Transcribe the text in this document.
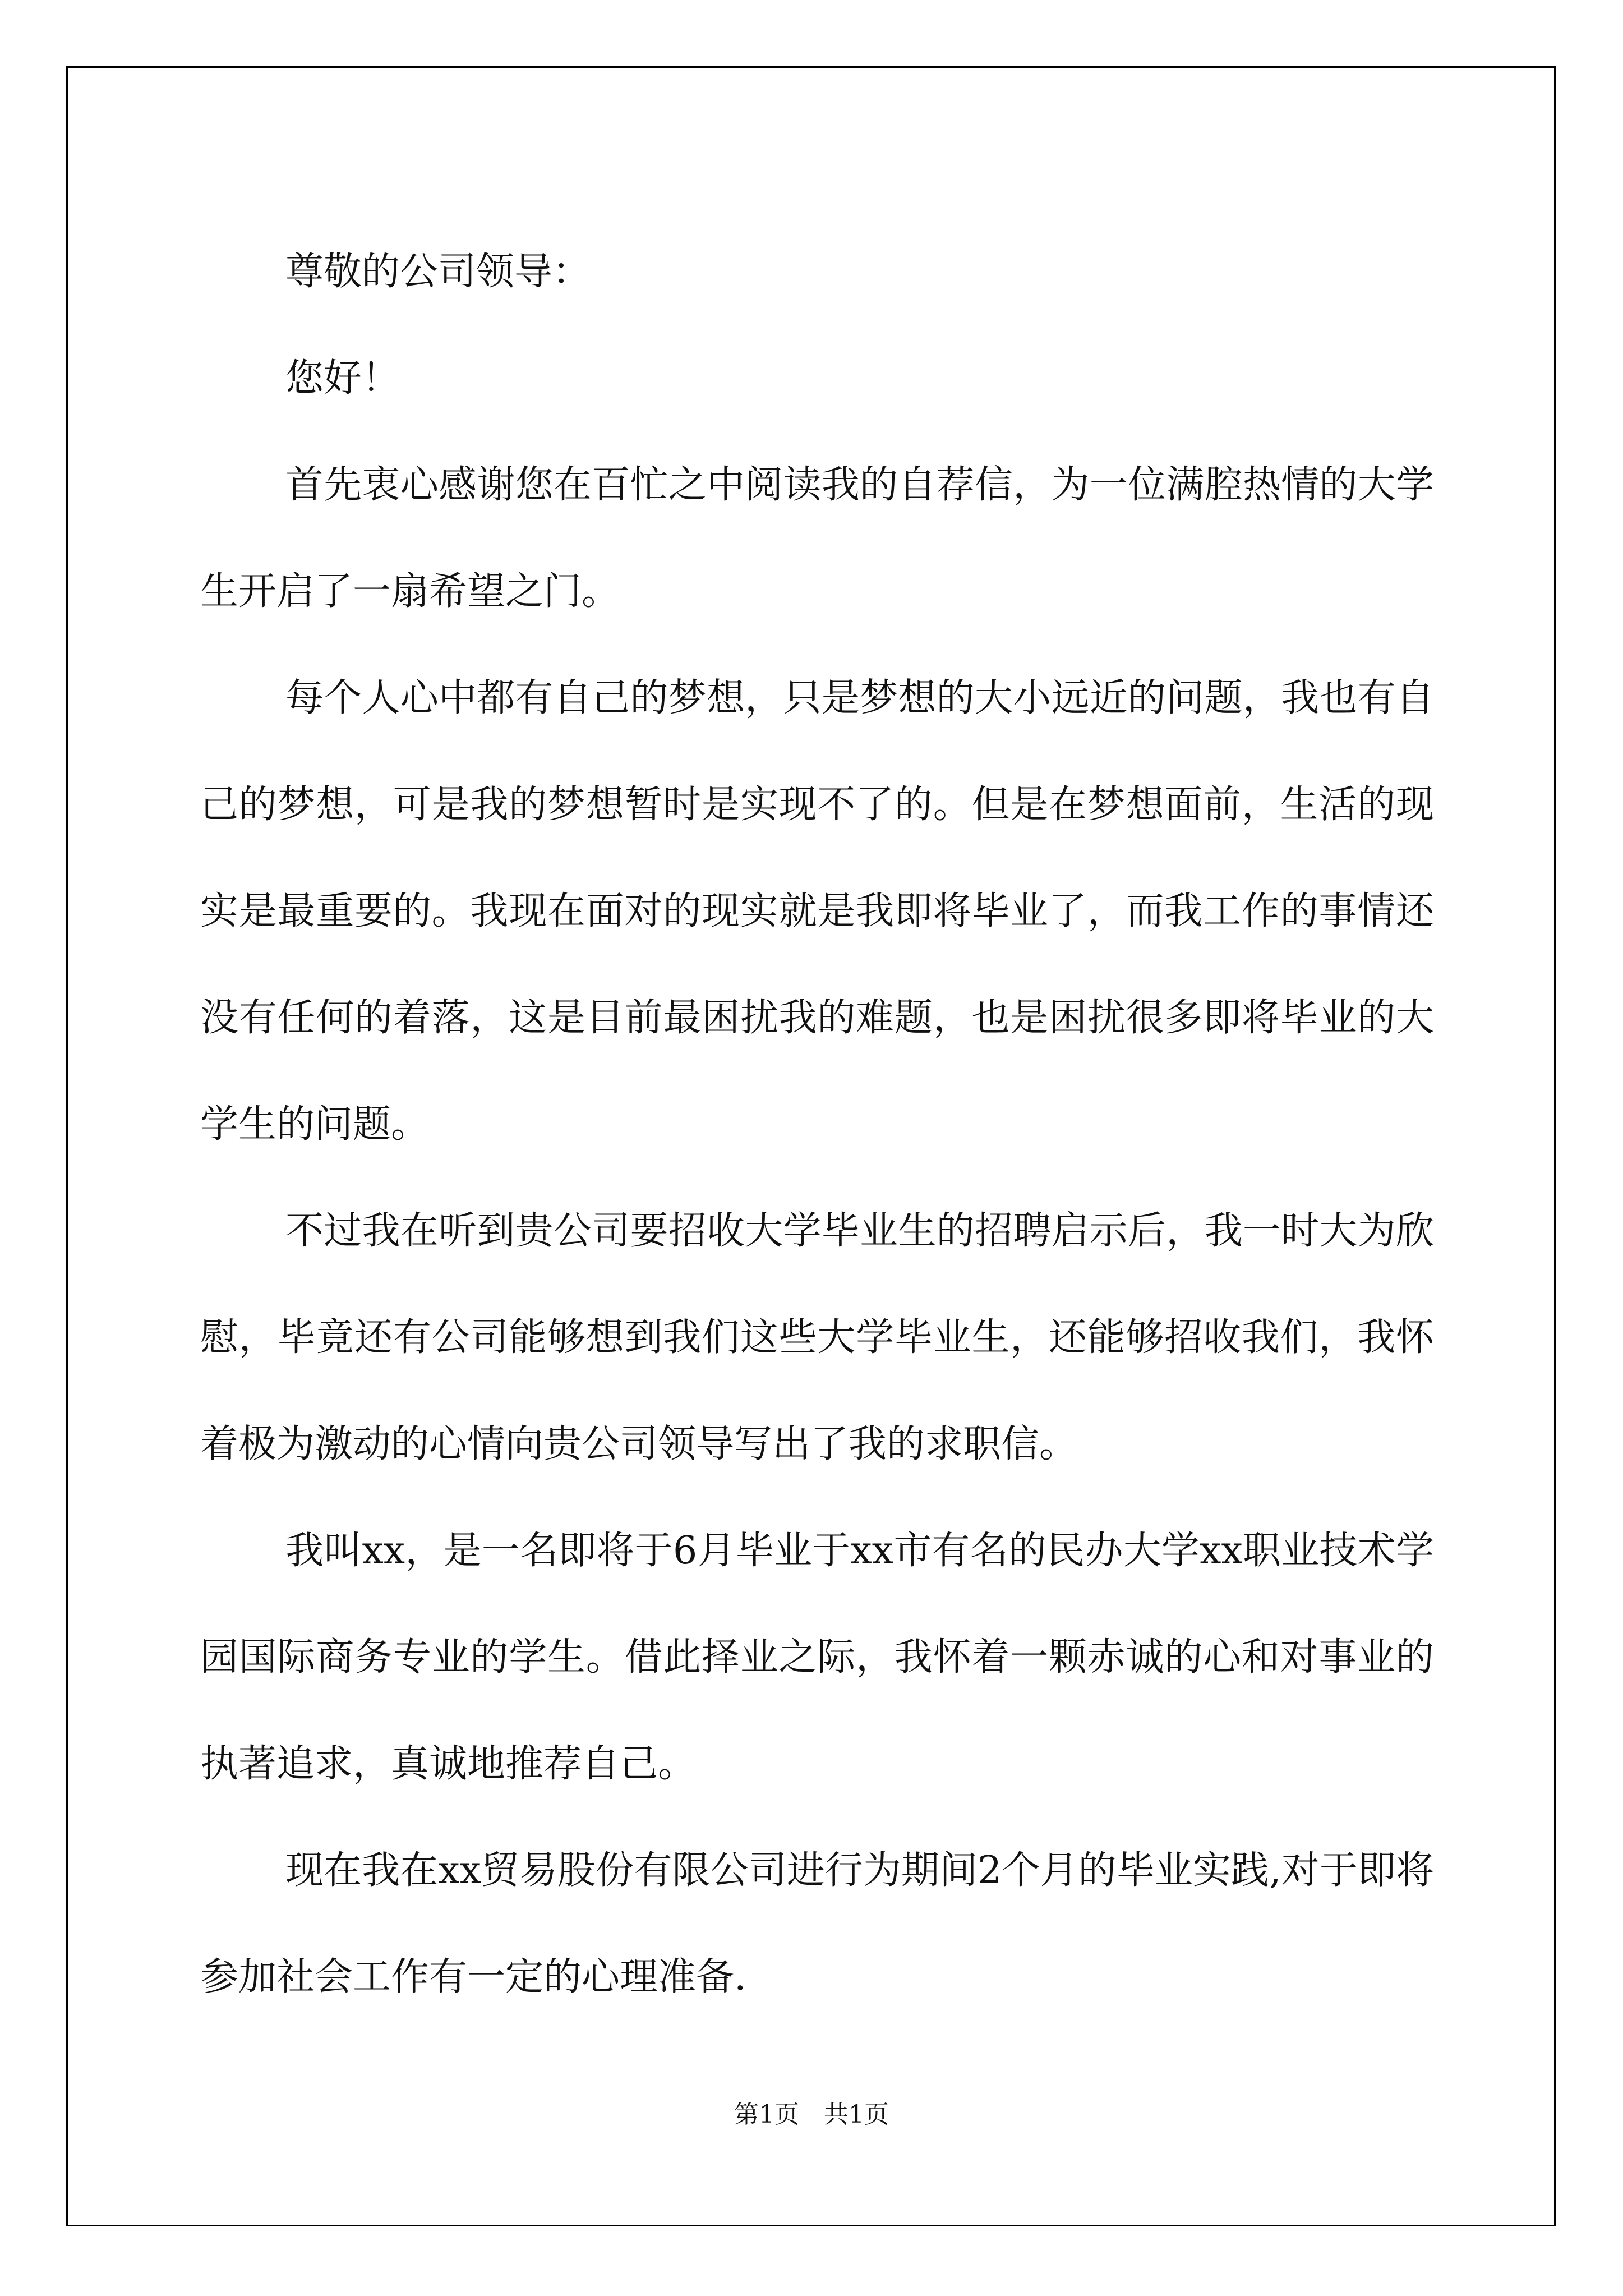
尊敬的公司领导：

您好！

首先衷心感谢您在百忙之中阅读我的自荐信，为一位满腔热情的大学生开启了一扇希望之门。

每个人心中都有自己的梦想，只是梦想的大小远近的问题，我也有自己的梦想，可是我的梦想暂时是实现不了的。但是在梦想面前，生活的现实是最重要的。我现在面对的现实就是我即将毕业了，而我工作的事情还没有任何的着落，这是目前最困扰我的难题，也是困扰很多即将毕业的大学生的问题。

不过我在听到贵公司要招收大学毕业生的招聘启示后，我一时大为欣慰，毕竟还有公司能够想到我们这些大学毕业生，还能够招收我们，我怀着极为激动的心情向贵公司领导写出了我的求职信。

我叫xx，是一名即将于6月毕业于xx市有名的民办大学xx职业技术学园国际商务专业的学生。借此择业之际，我怀着一颗赤诚的心和对事业的执著追求，真诚地推荐自己。

现在我在xx贸易股份有限公司进行为期间2个月的毕业实践,对于即将参加社会工作有一定的心理准备.

第1页 共1页
